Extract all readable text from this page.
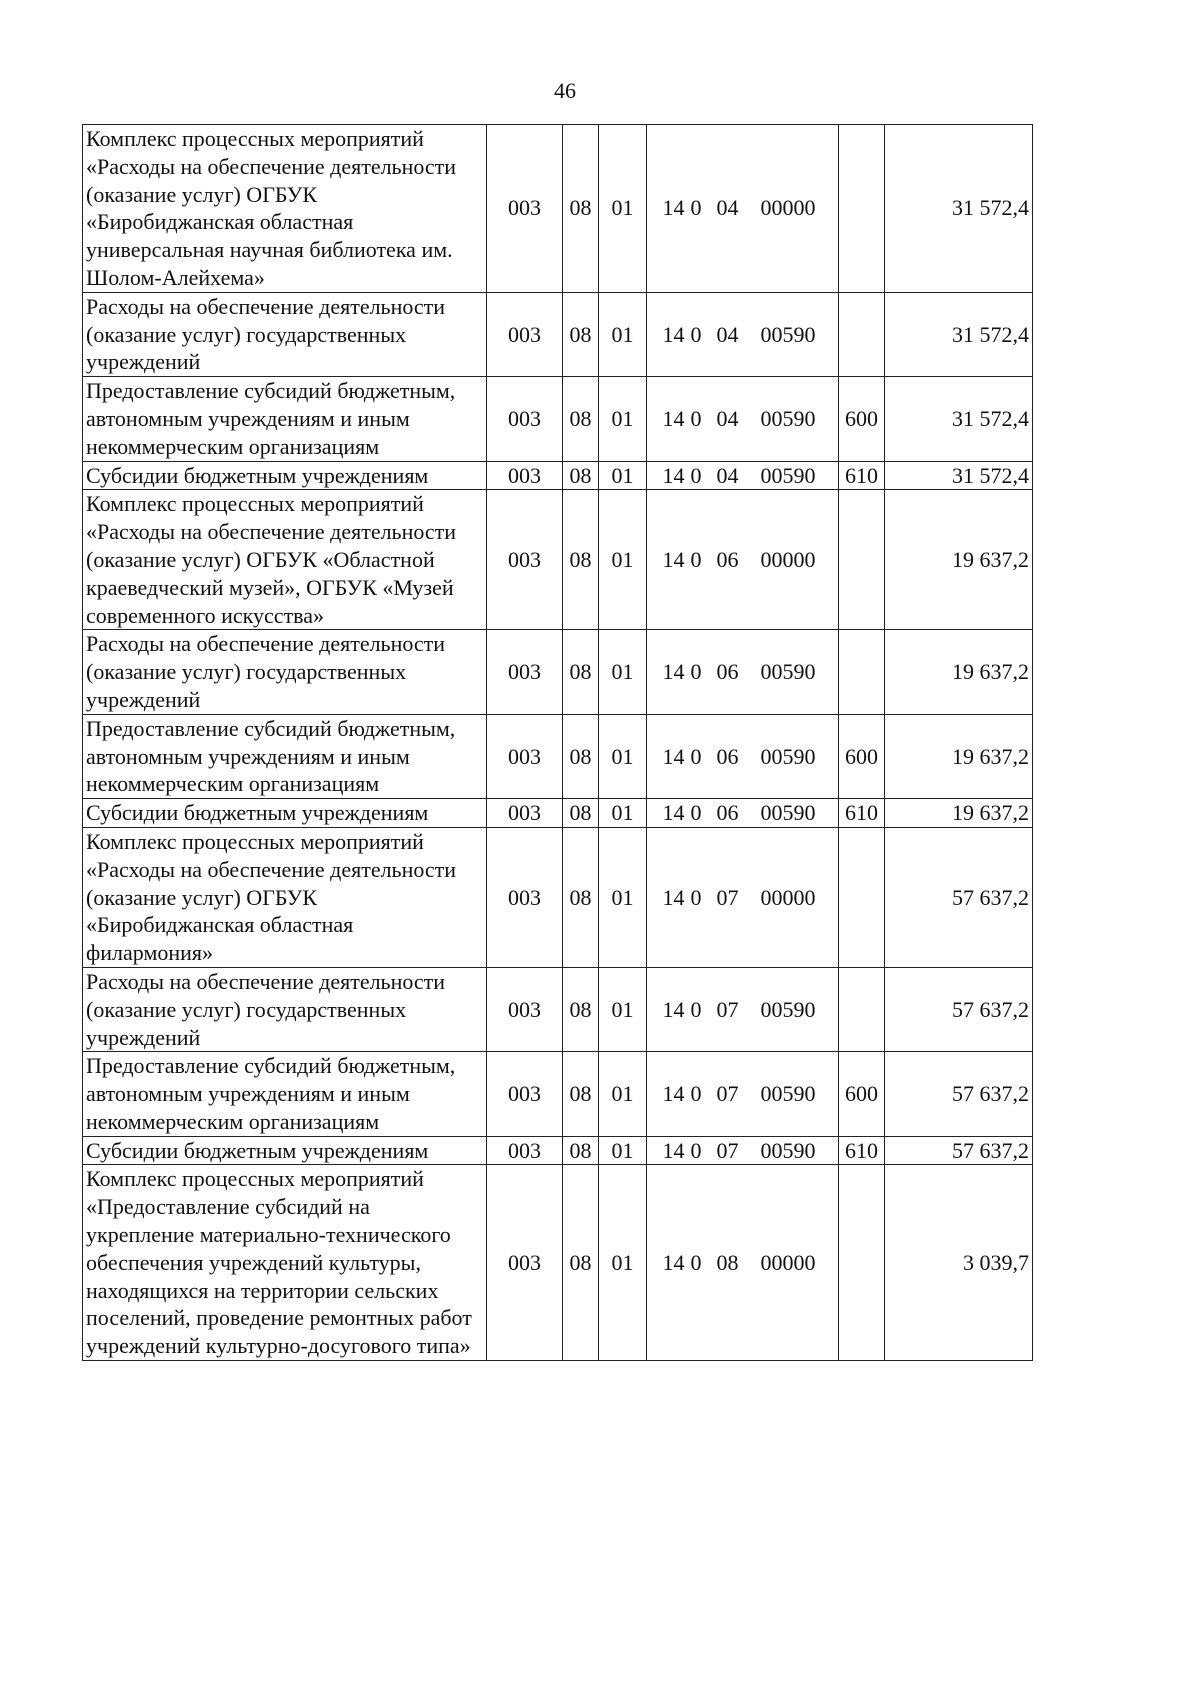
46
Комплекс процессных мероприятий «Расходы на обеспечение деятельности (оказание услуг) ОГБУК «Биробиджанская областная универсальная научная библиотека им. Шолом-Алейхема»	003	08	01	14 0 04 00000		31 572,4
Расходы на обеспечение деятельности (оказание услуг) государственных учреждений	003	08	01	14 0 04 00590		31 572,4
Предоставление субсидий бюджетным, автономным учреждениям и иным некоммерческим организациям	003	08	01	14 0 04 00590	600	31 572,4
Субсидии бюджетным учреждениям	003	08	01	14 0 04 00590	610	31 572,4
Комплекс процессных мероприятий «Расходы на обеспечение деятельности (оказание услуг) ОГБУК «Областной краеведческий музей», ОГБУК «Музей современного искусства»	003	08	01	14 0 06 00000		19 637,2
Расходы на обеспечение деятельности (оказание услуг) государственных учреждений	003	08	01	14 0 06 00590		19 637,2
Предоставление субсидий бюджетным, автономным учреждениям и иным некоммерческим организациям	003	08	01	14 0 06 00590	600	19 637,2
Субсидии бюджетным учреждениям	003	08	01	14 0 06 00590	610	19 637,2
Комплекс процессных мероприятий «Расходы на обеспечение деятельности (оказание услуг) ОГБУК «Биробиджанская областная филармония»	003	08	01	14 0 07 00000		57 637,2
Расходы на обеспечение деятельности (оказание услуг) государственных учреждений	003	08	01	14 0 07 00590		57 637,2
Предоставление субсидий бюджетным, автономным учреждениям и иным некоммерческим организациям	003	08	01	14 0 07 00590	600	57 637,2
Субсидии бюджетным учреждениям	003	08	01	14 0 07 00590	610	57 637,2
Комплекс процессных мероприятий «Предоставление субсидий на укрепление материально-технического обеспечения учреждений культуры, находящихся на территории сельских поселений, проведение ремонтных работ учреждений культурно-досугового типа»	003	08	01	14 0 08 00000		3 039,7
